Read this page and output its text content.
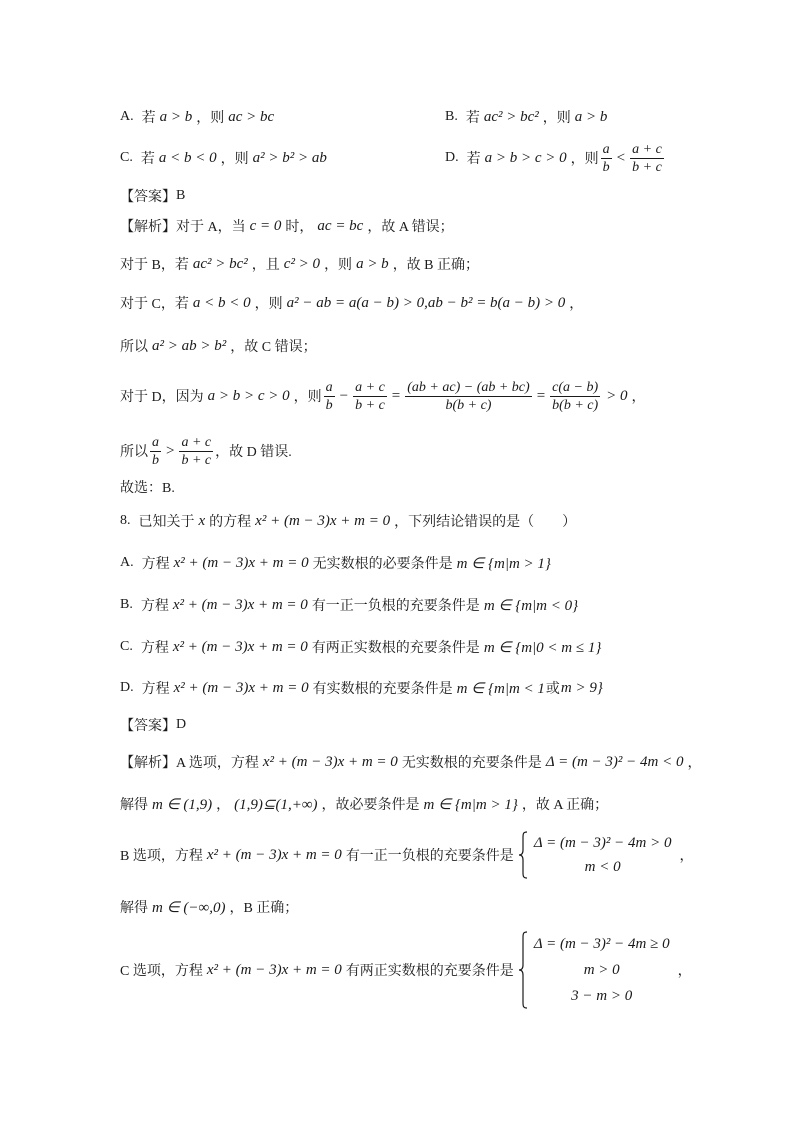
A. 若 a > b ，则 ac > bc	B. 若 ac² > bc² ，则 a > b
C. 若 a < b < 0 ，则 a² > b² > ab	D. 若 a > b > c > 0 ，则 $\frac{a}{b} < \frac{a + c}{b + c}$
【答案】 B
【解析】 对于 A，当 c = 0 时， ac = bc ，故 A 错误；
对于 B，若 ac² > bc² ，且 c² > 0 ，则 a > b ，故 B 正确；
对于 C，若 a < b < 0 ，则 a² − ab = a(a − b) > 0,ab − b² = b(a − b) > 0 ，
所以 a² > ab > b² ，故 C 错误；
对于 D，因为 a > b > c > 0 ，则 $\frac{a}{b} - \frac{a + c}{b + c} = \frac{(ab + ac) - (ab + bc)}{b(b + c)} = \frac{c(a - b)}{b(b + c)} > 0$ ，
所以 $\frac{a}{b} > \frac{a + c}{b + c}$ ，故 D 错误.
故选：B.
8. 已知关于 x 的方程 x² + (m − 3)x + m = 0 ，下列结论错误的是（　　）
A. 方程 x² + (m − 3)x + m = 0 无实数根的必要条件是 m ∈ {m|m > 1}
B. 方程 x² + (m − 3)x + m = 0 有一正一负根的充要条件是 m ∈ {m|m < 0}
C. 方程 x² + (m − 3)x + m = 0 有两正实数根的充要条件是 m ∈ {m|0 < m ≤ 1}
D. 方程 x² + (m − 3)x + m = 0 有实数根的充要条件是 m ∈ {m|m < 1 或 m > 9}
【答案】 D
【解析】 A 选项，方程 x² + (m − 3)x + m = 0 无实数根的充要条件是 Δ = (m − 3)² − 4m < 0 ，
解得 m ∈ (1,9) ， (1,9)⊆(1,+∞) ，故必要条件是 m ∈ {m|m > 1} ，故 A 正确；
B 选项，方程 x² + (m − 3)x + m = 0 有一正一负根的充要条件是
Δ = (m − 3)² − 4m > 0
m < 0
，
解得 m ∈ (−∞,0) ，B 正确；
C 选项，方程 x² + (m − 3)x + m = 0 有两正实数根的充要条件是
Δ = (m − 3)² − 4m ≥ 0
m > 0
3 − m > 0
，
